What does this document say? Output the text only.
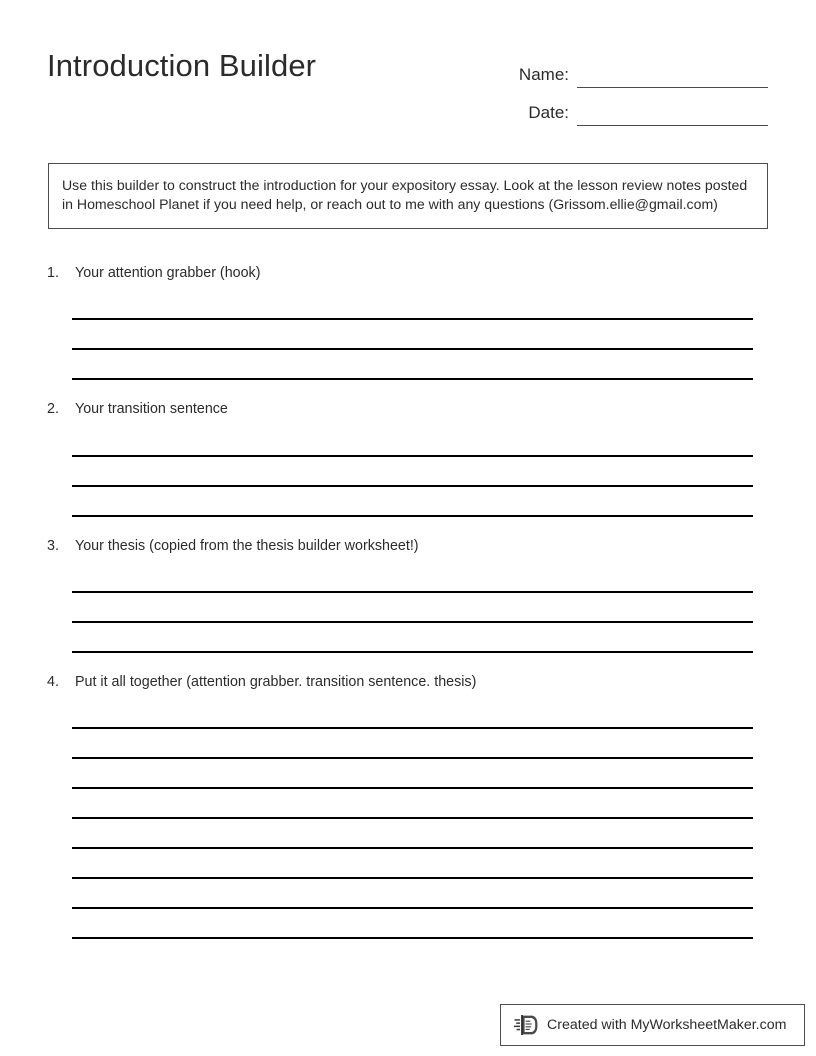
Introduction Builder	Name:
Date:

Use this builder to construct the introduction for your expository essay. Look at the lesson review notes posted in Homeschool Planet if you need help, or reach out to me with any questions (Grissom.ellie@gmail.com)

1.	Your attention grabber (hook)
2.	Your transition sentence
3.	Your thesis (copied from the thesis builder worksheet!)
4.	Put it all together (attention grabber. transition sentence. thesis)
Created with MyWorksheetMaker.com
